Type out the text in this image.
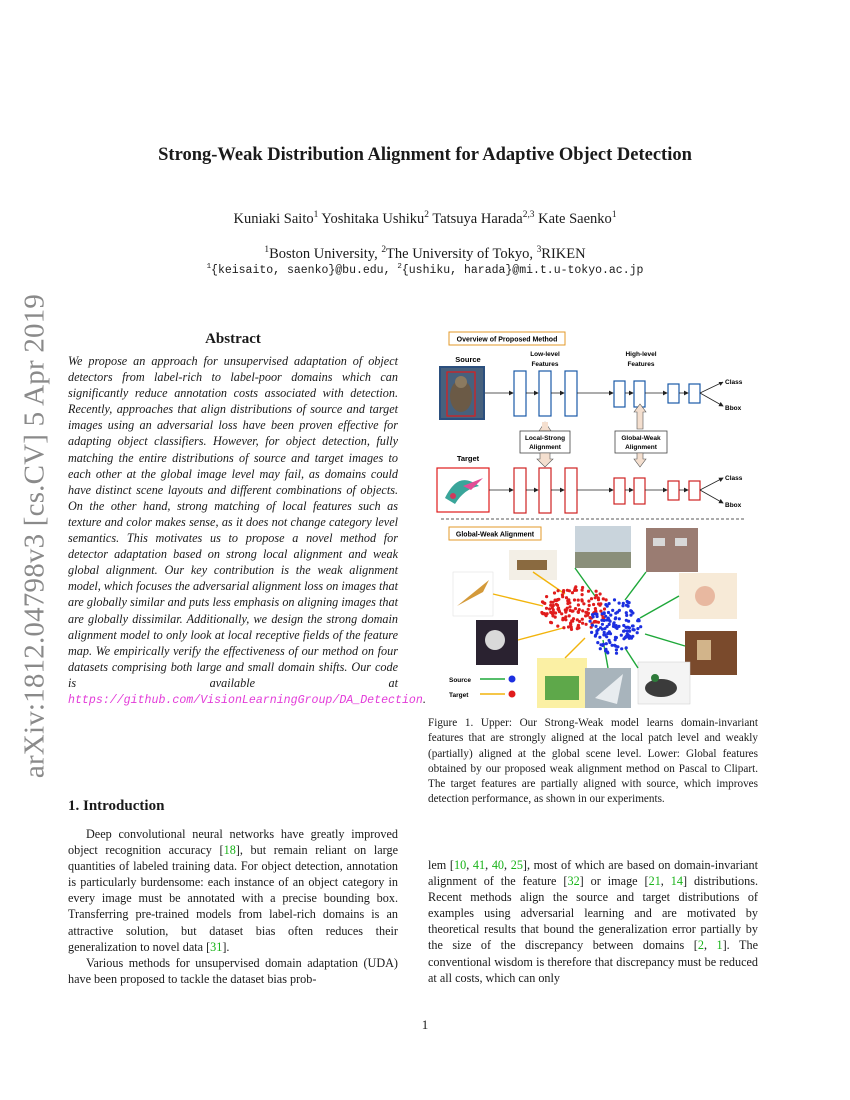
arXiv:1812.04798v3 [cs.CV] 5 Apr 2019
Strong-Weak Distribution Alignment for Adaptive Object Detection
Kuniaki Saito$^1$ Yoshitaka Ushiku$^2$ Tatsuya Harada$^{2,3}$ Kate Saenko$^1$
$^1$Boston University, $^2$The University of Tokyo, $^3$RIKEN
$^1${keisaito, saenko}@bu.edu, $^2${ushiku, harada}@mi.t.u-tokyo.ac.jp
Abstract
We propose an approach for unsupervised adaptation of object detectors from label-rich to label-poor domains which can significantly reduce annotation costs associated with detection. Recently, approaches that align distributions of source and target images using an adversarial loss have been proven effective for adapting object classifiers. However, for object detection, fully matching the entire distributions of source and target images to each other at the global image level may fail, as domains could have distinct scene layouts and different combinations of objects. On the other hand, strong matching of local features such as texture and color makes sense, as it does not change category level semantics. This motivates us to propose a novel method for detector adaptation based on strong local alignment and weak global alignment. Our key contribution is the weak alignment model, which focuses the adversarial alignment loss on images that are globally similar and puts less emphasis on aligning images that are globally dissimilar. Additionally, we design the strong domain alignment model to only look at local receptive fields of the feature map. We empirically verify the effectiveness of our method on four datasets comprising both large and small domain shifts. Our code is available at https://github.com/VisionLearningGroup/DA_Detection.
1. Introduction

Deep convolutional neural networks have greatly improved object recognition accuracy [18], but remain reliant on large quantities of labeled training data. For object detection, annotation is particularly burdensome: each instance of an object category in every image must be annotated with a precise bounding box. Transferring pre-trained models from label-rich domains is an attractive solution, but dataset bias often reduces their generalization to novel data [31].

Various methods for unsupervised domain adaptation (UDA) have been proposed to tackle the dataset bias prob-

Overview of Proposed Method
Source
Low-level
Features
High-level
Features
Class
Bbox
Local-Strong
Alignment
Global-Weak
Alignment
Target
Class
Bbox
Global-Weak Alignment
Source
Target
Figure 1. Upper: Our Strong-Weak model learns domain-invariant features that are strongly aligned at the local patch level and weakly (partially) aligned at the global scene level. Lower: Global features obtained by our proposed weak alignment method on Pascal to Clipart. The target features are partially aligned with source, which improves detection performance, as shown in our experiments.
lem [10, 41, 40, 25], most of which are based on domain-invariant alignment of the feature [32] or image [21, 14] distributions. Recent methods align the source and target distributions of examples using adversarial learning and are motivated by theoretical results that bound the generalization error partially by the size of the discrepancy between domains [2, 1]. The conventional wisdom is therefore that discrepancy must be reduced at all costs, which can only
1
